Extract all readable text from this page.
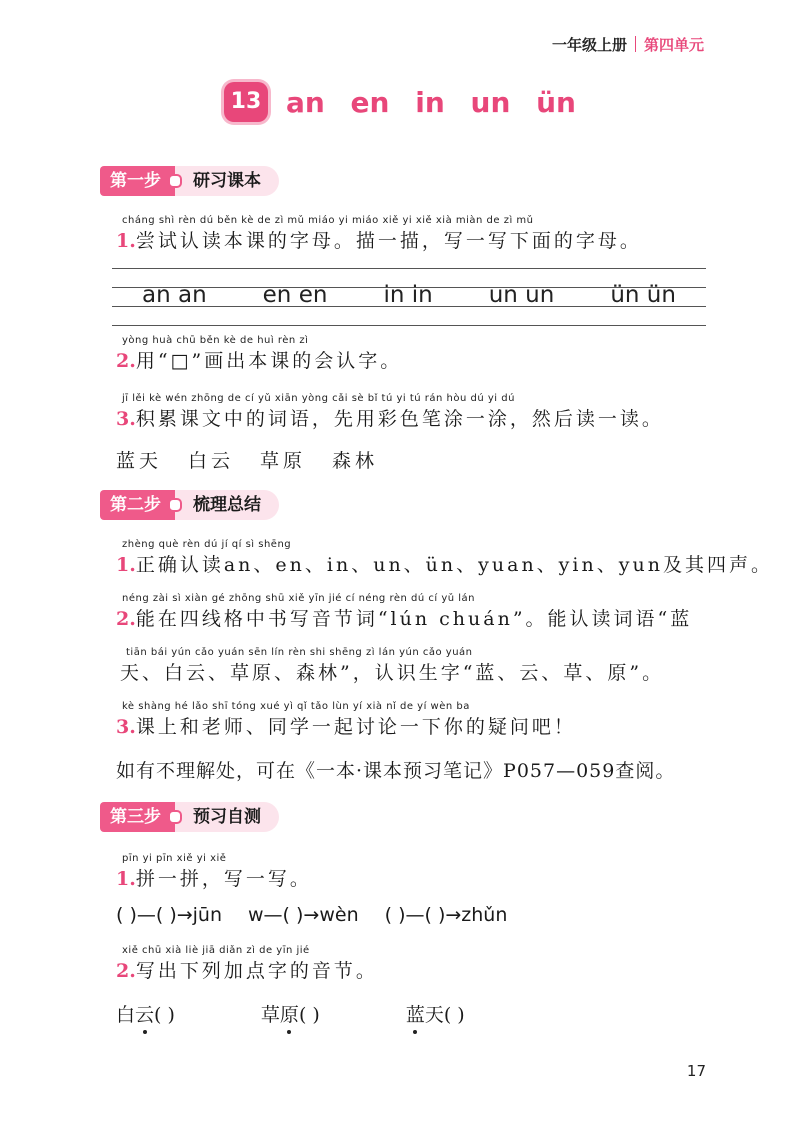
一年级上册 第四单元
13 an en in un ün
第一步 研习课本
cháng shì rèn dú běn kè de zì mǔ miáo yi miáo xiě yi xiě xià miàn de zì mǔ
1.尝试认读本课的字母。描一描，写一写下面的字母。
an an en en in in un un ün ün
yòng huà chū běn kè de huì rèn zì
2.用“□”画出本课的会认字。
jī lěi kè wén zhōng de cí yǔ xiān yòng cǎi sè bǐ tú yi tú rán hòu dú yi dú
3.积累课文中的词语，先用彩色笔涂一涂，然后读一读。
蓝天 白云 草原 森林
第二步 梳理总结
zhèng què rèn dú jí qí sì shēng
1.正确认读an、en、in、un、ün、yuan、yin、yun及其四声。
néng zài sì xiàn gé zhōng shū xiě yīn jié cí néng rèn dú cí yǔ lán
2.能在四线格中书写音节词“lún chuán”。能认读词语“蓝
tiān bái yún cǎo yuán sēn lín rèn shi shēng zì lán yún cǎo yuán
天、白云、草原、森林”，认识生字“蓝、云、草、原”。
kè shàng hé lǎo shī tóng xué yì qǐ tǎo lùn yí xià nǐ de yí wèn ba
3.课上和老师、同学一起讨论一下你的疑问吧！
如有不理解处，可在《一本·课本预习笔记》P057—059查阅。
第三步 预习自测
pīn yi pīn xiě yi xiě
1.拼一拼，写一写。
( )—( )→jūn w—( )→wèn ( )—( )→zhǔn
xiě chū xià liè jiā diǎn zì de yīn jié
2.写出下列加点字的音节。
白云( )	草原( )	蓝天( )
17
